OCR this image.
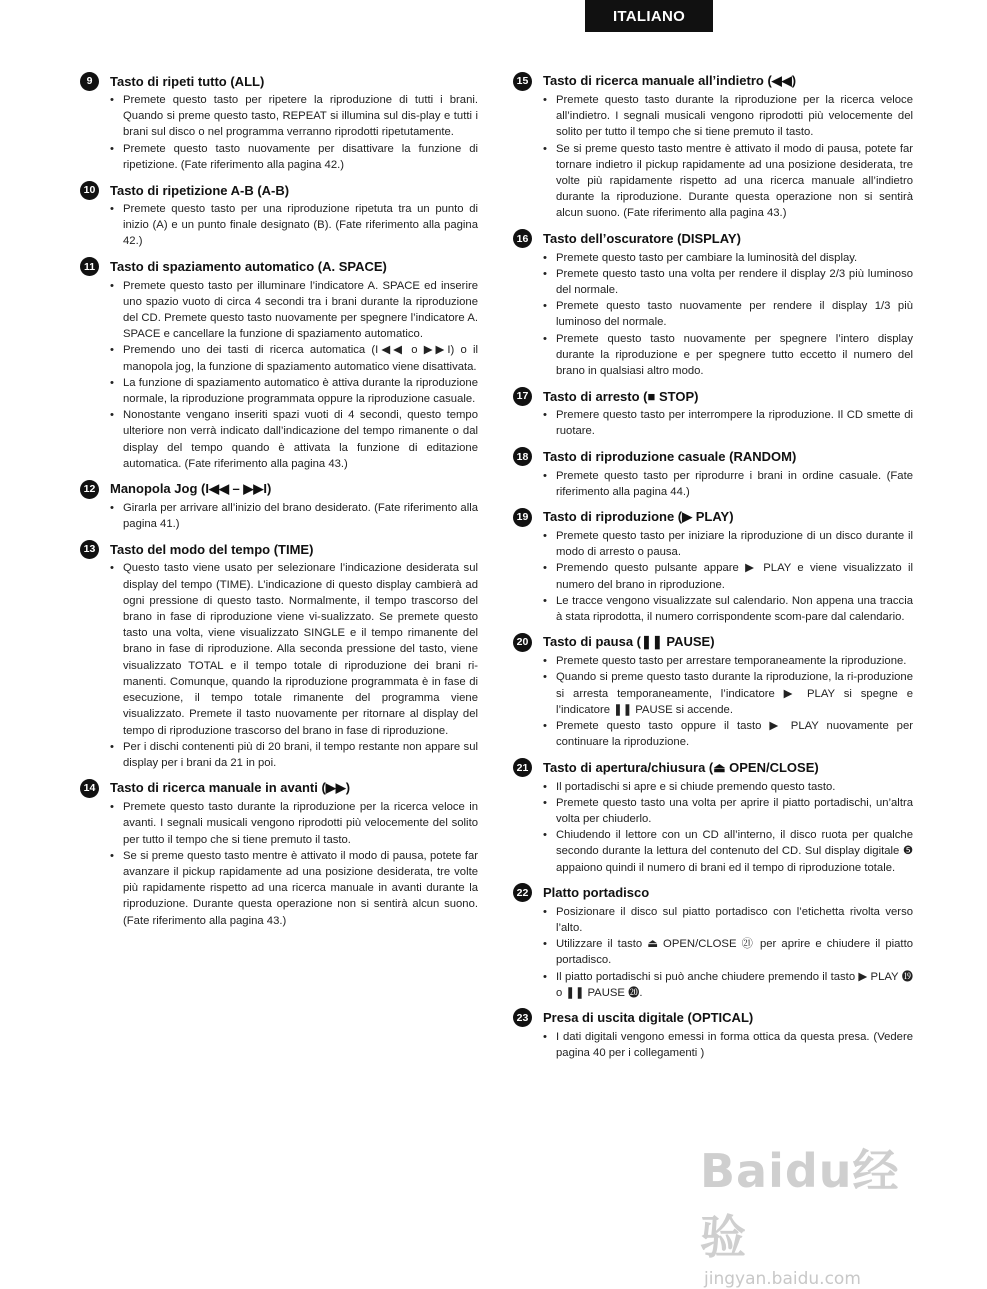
ITALIANO
9	Tasto di ripeti tutto (ALL)
• Premete questo tasto per ripetere la riproduzione di tutti i brani. Quando si preme questo tasto, REPEAT si illumina sul dis-play e tutti i brani sul disco o nel programma verranno riprodotti ripetutamente.
• Premete questo tasto nuovamente per disattivare la funzione di ripetizione. (Fate riferimento alla pagina 42.)
10 Tasto di ripetizione A-B (A-B)
• Premete questo tasto per una riproduzione ripetuta tra un punto di inizio (A) e un punto finale designato (B). (Fate riferimento alla pagina 42.)
11	Tasto di spaziamento automatico (A. SPACE)
• Premete questo tasto per illuminare l’indicatore A. SPACE ed inserire uno spazio vuoto di circa 4 secondi tra i brani durante la riproduzione del CD. Premete questo tasto nuovamente per spegnere l’indicatore A. SPACE e cancellare la funzione di spaziamento automatico.
• Premendo uno dei tasti di ricerca automatica (I◀◀ o ▶▶I) o il manopola jog, la funzione di spaziamento automatico viene disattivata.
• La funzione di spaziamento automatico è attiva durante la riproduzione normale, la riproduzione programmata oppure la riproduzione casuale.
• Nonostante vengano inseriti spazi vuoti di 4 secondi, questo tempo ulteriore non verrà indicato dall’indicazione del tempo rimanente o dal display del tempo quando è attivata la funzione di editazione automatica. (Fate riferimento alla pagina 43.)
12 Manopola Jog (I◀◀ – ▶▶I)
• Girarla per arrivare all’inizio del brano desiderato. (Fate riferimento alla pagina 41.)
13 Tasto del modo del tempo (TIME)
• Questo tasto viene usato per selezionare l’indicazione desiderata sul display del tempo (TIME). L’indicazione di questo display cambierà ad ogni pressione di questo tasto. Normalmente, il tempo trascorso del brano in fase di riproduzione viene vi-sualizzato. Se premete questo tasto una volta, viene visualizzato SINGLE e il tempo rimanente del brano in fase di riproduzione. Alla seconda pressione del tasto, viene visualizzato TOTAL e il tempo totale di riproduzione dei brani ri-manenti. Comunque, quando la riproduzione programmata è in fase di esecuzione, il tempo totale rimanente del programma viene visualizzato. Premete il tasto nuovamente per ritornare al display del tempo di riproduzione trascorso del brano in fase di riproduzione.
• Per i dischi contenenti più di 20 brani, il tempo restante non appare sul display per i brani da 21 in poi.
14 Tasto di ricerca manuale in avanti (▶▶)
• Premete questo tasto durante la riproduzione per la ricerca veloce in avanti. I segnali musicali vengono riprodotti più velocemente del solito per tutto il tempo che si tiene premuto il tasto.
• Se si preme questo tasto mentre è attivato il modo di pausa, potete far avanzare il pickup rapidamente ad una posizione desiderata, tre volte più rapidamente rispetto ad una ricerca manuale in avanti durante la riproduzione. Durante questa operazione non si sentirà alcun suono. (Fate riferimento alla pagina 43.)
15 Tasto di ricerca manuale all’indietro (◀◀)
• Premete questo tasto durante la riproduzione per la ricerca veloce all’indietro. I segnali musicali vengono riprodotti più velocemente del solito per tutto il tempo che si tiene premuto il tasto.
• Se si preme questo tasto mentre è attivato il modo di pausa, potete far tornare indietro il pickup rapidamente ad una posizione desiderata, tre volte più rapidamente rispetto ad una ricerca manuale all’indietro durante la riproduzione. Durante questa operazione non si sentirà alcun suono. (Fate riferimento alla pagina 43.)
16 Tasto dell’oscuratore (DISPLAY)
• Premete questo tasto per cambiare la luminosità del display.
• Premete questo tasto una volta per rendere il display 2/3 più luminoso del normale.
• Premete questo tasto nuovamente per rendere il display 1/3 più luminoso del normale.
• Premete questo tasto nuovamente per spegnere l’intero display durante la riproduzione e per spegnere tutto eccetto il numero del brano in qualsiasi altro modo.
17 Tasto di arresto (■ STOP)
• Premere questo tasto per interrompere la riproduzione. Il CD smette di ruotare.
18 Tasto di riproduzione casuale (RANDOM)
• Premete questo tasto per riprodurre i brani in ordine casuale. (Fate riferimento alla pagina 44.)
19 Tasto di riproduzione (▶ PLAY)
• Premete questo tasto per iniziare la riproduzione di un disco durante il modo di arresto o pausa.
• Premendo questo pulsante appare ▶ PLAY e viene visualizzato il numero del brano in riproduzione.
• Le tracce vengono visualizzate sul calendario. Non appena una traccia à stata riprodotta, il numero corrispondente scom-pare dal calendario.
20 Tasto di pausa (❚❚ PAUSE)
• Premete questo tasto per arrestare temporaneamente la riproduzione.
• Quando si preme questo tasto durante la riproduzione, la ri-produzione si arresta temporaneamente, l’indicatore ▶ PLAY si spegne e l’indicatore ❚❚ PAUSE si accende.
• Premete questo tasto oppure il tasto ▶ PLAY nuovamente per continuare la riproduzione.
21 Tasto di apertura/chiusura (⏏ OPEN/CLOSE)
• Il portadischi si apre e si chiude premendo questo tasto.
• Premete questo tasto una volta per aprire il piatto portadischi, un’altra volta per chiuderlo.
• Chiudendo il lettore con un CD all’interno, il disco ruota per qualche secondo durante la lettura del contenuto del CD. Sul display digitale ❺ appaiono quindi il numero di brani ed il tempo di riproduzione totale.
22 Platto portadisco
• Posizionare il disco sul piatto portadisco con l’etichetta rivolta verso l’alto.
• Utilizzare il tasto ⏏ OPEN/CLOSE ㉑ per aprire e chiudere il piatto portadisco.
• Il piatto portadischi si può anche chiudere premendo il tasto ▶ PLAY ⓳ o ❚❚ PAUSE ⓴.
23 Presa di uscita digitale (OPTICAL)
• I dati digitali vengono emessi in forma ottica da questa presa. (Vedere pagina 40 per i collegamenti )
Baidu经验
jingyan.baidu.com
